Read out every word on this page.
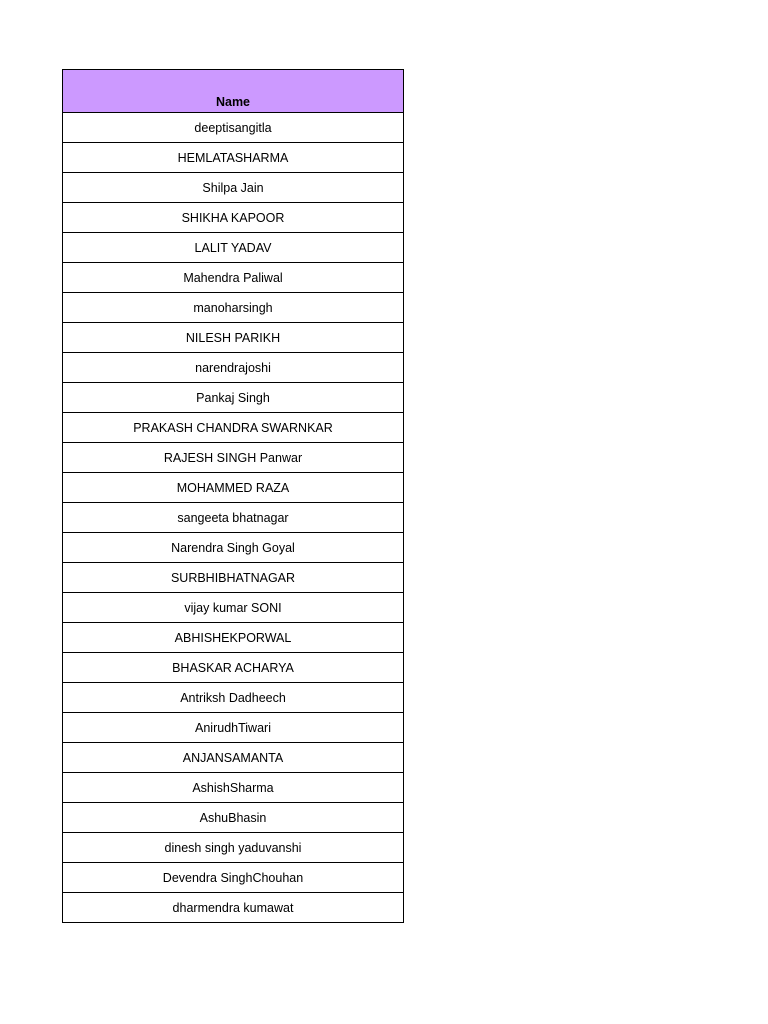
Name
deeptisangitla
HEMLATASHARMA
Shilpa Jain
SHIKHA KAPOOR
LALIT YADAV
Mahendra Paliwal
manoharsingh
NILESH PARIKH
narendrajoshi
Pankaj Singh
PRAKASH CHANDRA SWARNKAR
RAJESH SINGH Panwar
MOHAMMED RAZA
sangeeta bhatnagar
Narendra Singh Goyal
SURBHIBHATNAGAR
vijay kumar SONI
ABHISHEKPORWAL
BHASKAR ACHARYA
Antriksh Dadheech
AnirudhTiwari
ANJANSAMANTA
AshishSharma
AshuBhasin
dinesh singh yaduvanshi
Devendra SinghChouhan
dharmendra kumawat
